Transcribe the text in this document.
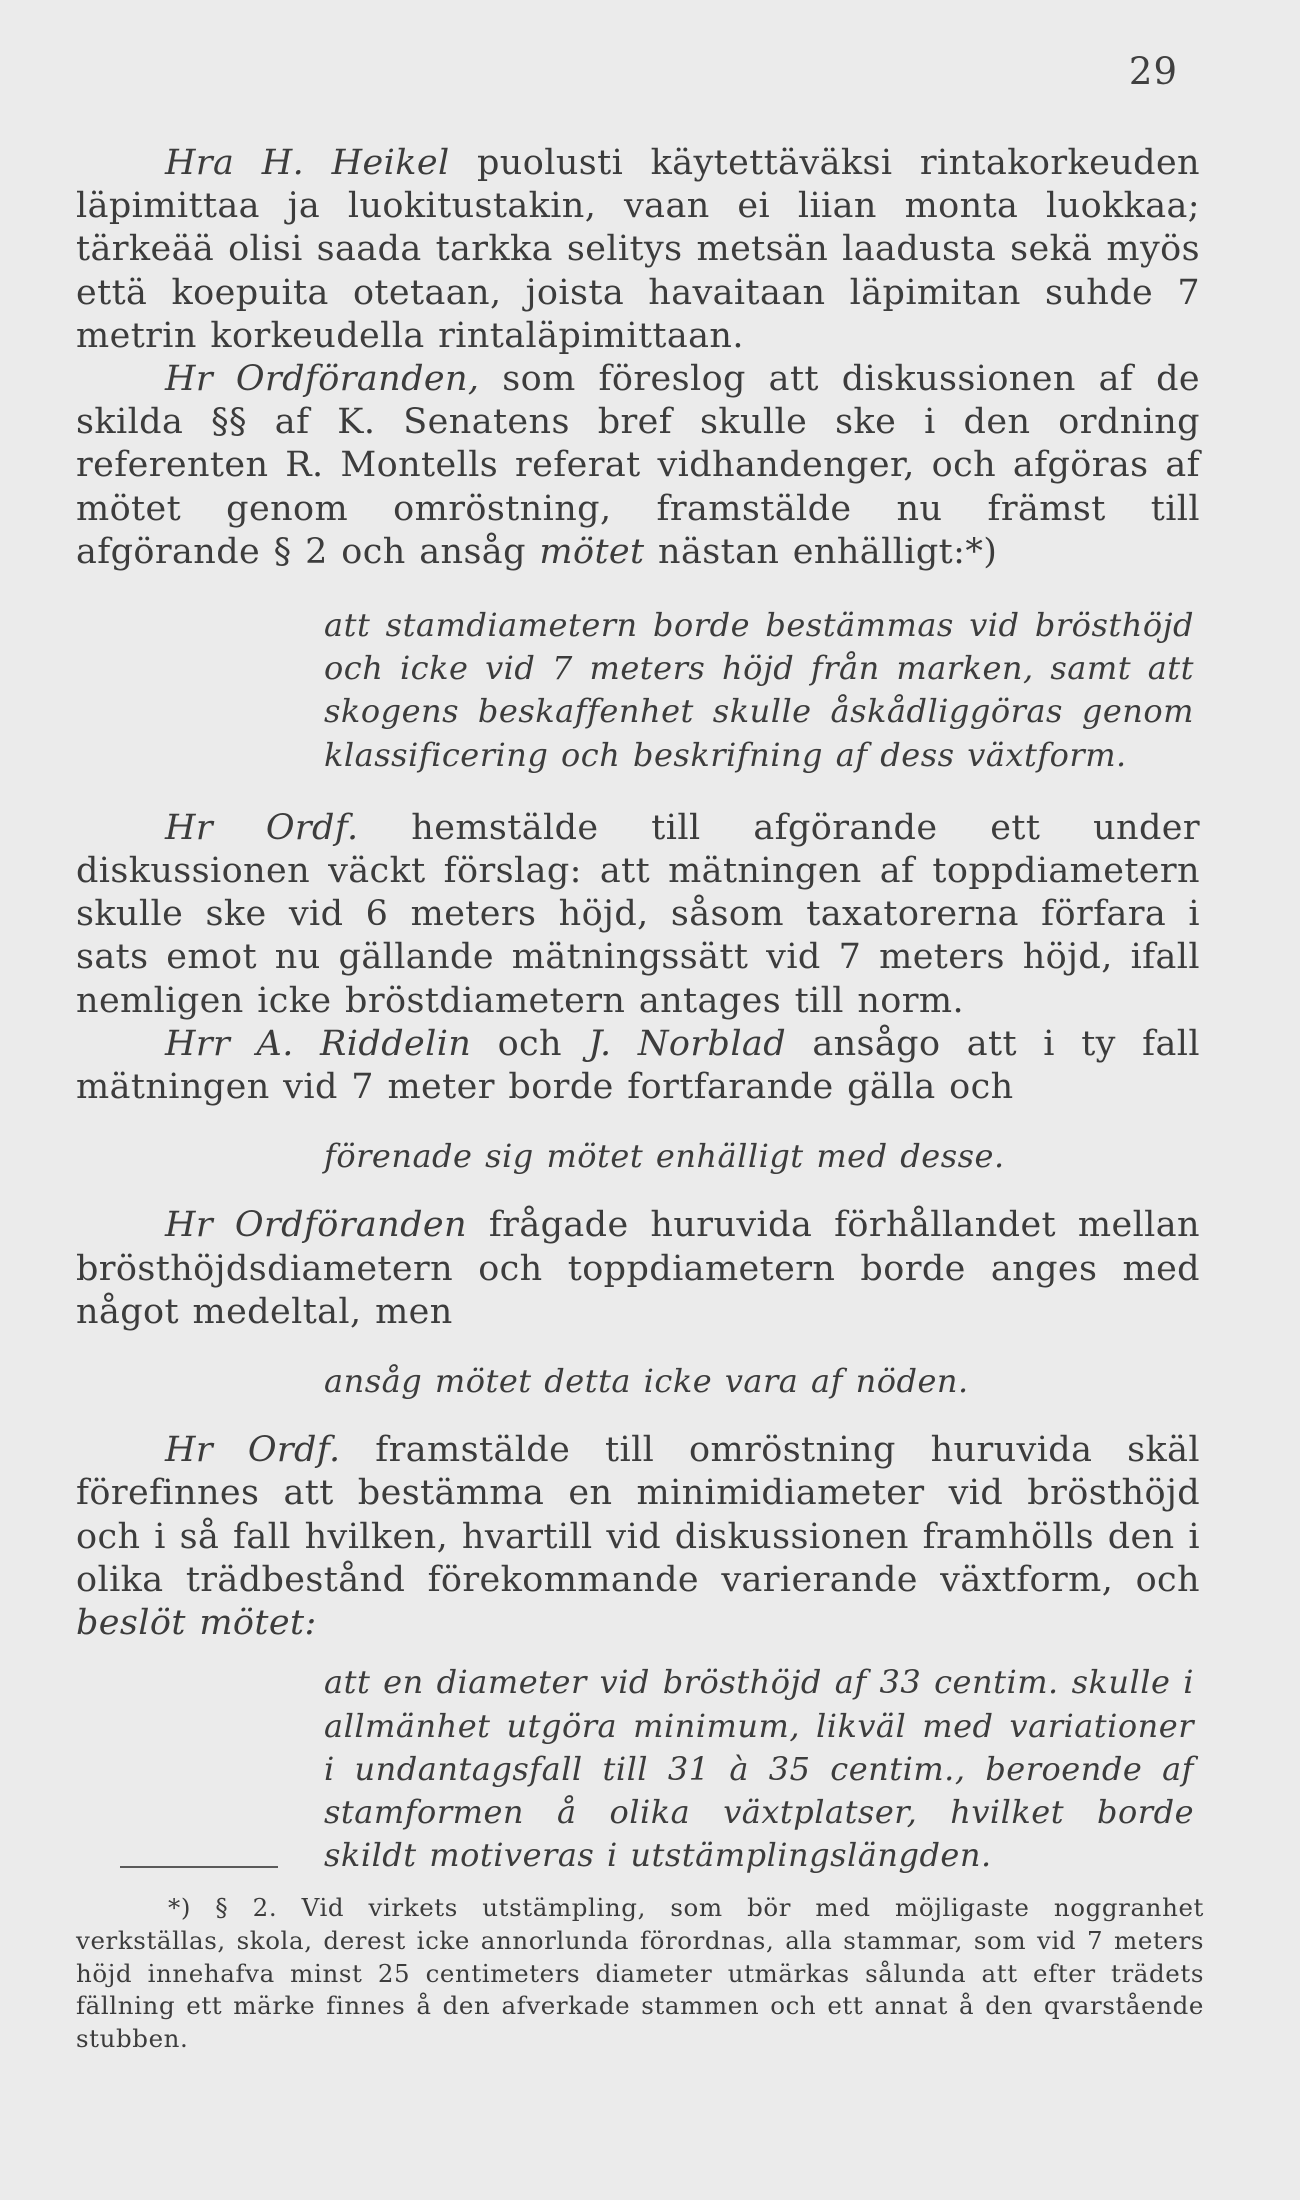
29

Hra H. Heikel puolusti käytettäväksi rintakorkeuden läpimittaa ja luokitustakin, vaan ei liian monta luokkaa; tärkeää olisi saada tarkka selitys metsän laadusta sekä myös että koepuita otetaan, joista havaitaan läpimitan suhde 7 metrin korkeudella rintaläpimittaan.

Hr Ordföranden, som föreslog att diskussionen af de skilda §§ af K. Senatens bref skulle ske i den ordning referenten R. Montells referat vidhandenger, och afgöras af mötet genom omröstning, framstälde nu främst till afgörande § 2 och ansåg mötet nästan enhälligt:*)

att stamdiametern borde bestämmas vid brösthöjd och icke vid 7 meters höjd från marken, samt att skogens beskaffenhet skulle åskådliggöras genom klassificering och beskrifning af dess växtform.

Hr Ordf. hemstälde till afgörande ett under diskussionen väckt förslag: att mätningen af toppdiametern skulle ske vid 6 meters höjd, såsom taxatorerna förfara i sats emot nu gällande mätningssätt vid 7 meters höjd, ifall nemligen icke bröstdiametern antages till norm.

Hrr A. Riddelin och J. Norblad ansågo att i ty fall mätningen vid 7 meter borde fortfarande gälla och

förenade sig mötet enhälligt med desse.

Hr Ordföranden frågade huruvida förhållandet mellan brösthöjdsdiametern och toppdiametern borde anges med något medeltal, men

ansåg mötet detta icke vara af nöden.

Hr Ordf. framstälde till omröstning huruvida skäl förefinnes att bestämma en minimidiameter vid brösthöjd och i så fall hvilken, hvartill vid diskussionen framhölls den i olika trädbestånd förekommande varierande växtform, och beslöt mötet:

att en diameter vid brösthöjd af 33 centim. skulle i allmänhet utgöra minimum, likväl med variationer i undantagsfall till 31 à 35 centim., beroende af stamformen å olika växtplatser, hvilket borde skildt motiveras i utstämplingslängden.

*) § 2. Vid virkets utstämpling, som bör med möjligaste noggranhet verkställas, skola, derest icke annorlunda förordnas, alla stammar, som vid 7 meters höjd innehafva minst 25 centimeters diameter utmärkas sålunda att efter trädets fällning ett märke finnes å den afverkade stammen och ett annat å den qvarstående stubben.
